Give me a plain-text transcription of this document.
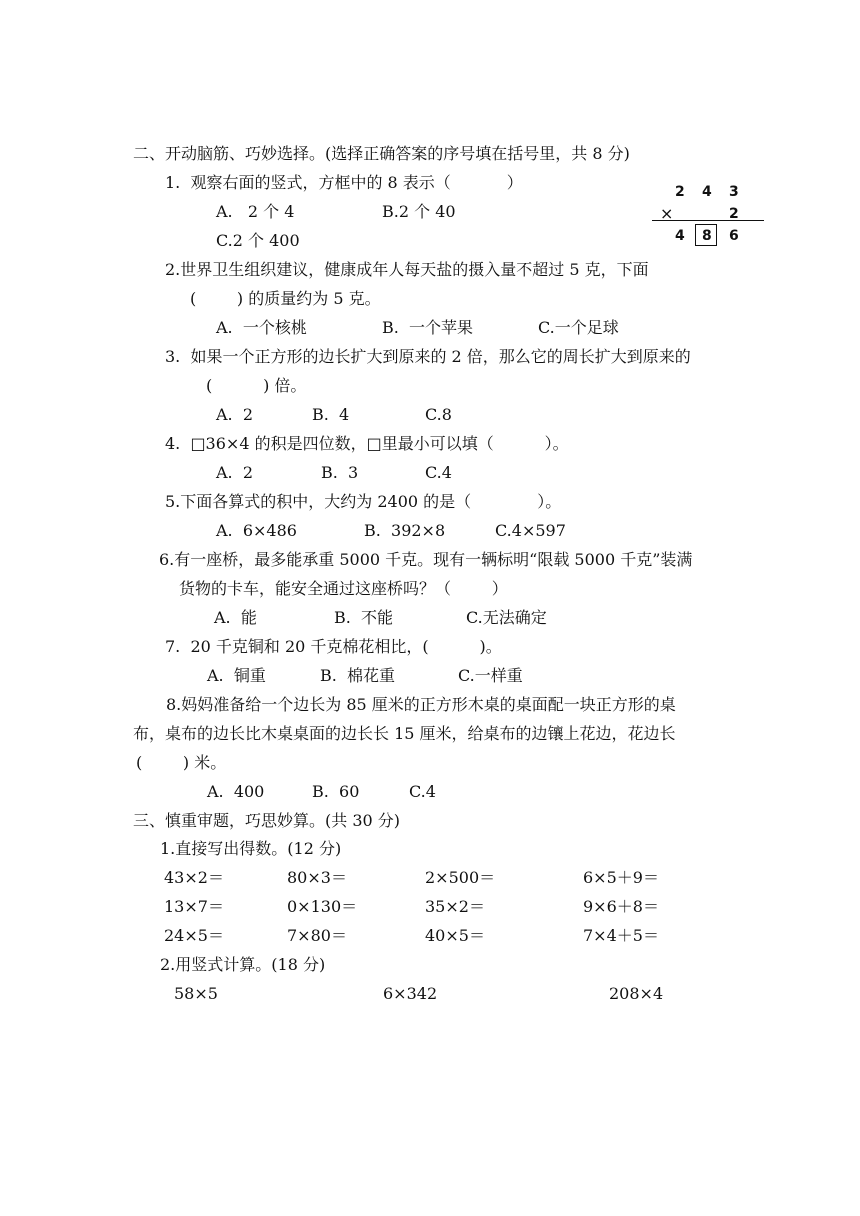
二、开动脑筋、巧妙选择。(选择正确答案的序号填在括号里，共 8 分)
1.  观察右面的竖式，方框中的 8 表示（           ）
A.   2 个 4	B.2 个 40
C.2 个 400
2 4 3
×	2
4 8 6
2.世界卫生组织建议，健康成年人每天盐的摄入量不超过 5 克，下面
(        ) 的质量约为 5 克。
A.  一个核桃	B.  一个苹果	C.一个足球
3.  如果一个正方形的边长扩大到原来的 2 倍，那么它的周长扩大到原来的
(          ) 倍。
A.  2	B.  4	C.8
4.  □36×4 的积是四位数，□里最小可以填（          ）。
A.  2	B.  3	C.4
5.下面各算式的积中，大约为 2400 的是（             ）。
A.  6×486	B.  392×8	C.4×597
6.有一座桥，最多能承重 5000 千克。现有一辆标明“限载 5000 千克”装满
货物的卡车，能安全通过这座桥吗？（        ）
A.  能	B.  不能	C.无法确定
7.  20 千克铜和 20 千克棉花相比，(          )。
A.  铜重	B.  棉花重	C.一样重
8.妈妈准备给一个边长为 85 厘米的正方形木桌的桌面配一块正方形的桌
布，桌布的边长比木桌桌面的边长长 15 厘米，给桌布的边镶上花边，花边长
(        ) 米。
A.  400	B.  60	C.4
三、慎重审题，巧思妙算。(共 30 分)
1.直接写出得数。(12 分)
43×2＝	80×3＝	2×500＝	6×5＋9＝
13×7＝	0×130＝	35×2＝	9×6＋8＝
24×5＝	7×80＝	40×5＝	7×4＋5＝
2.用竖式计算。(18 分)
58×5	6×342	208×4
